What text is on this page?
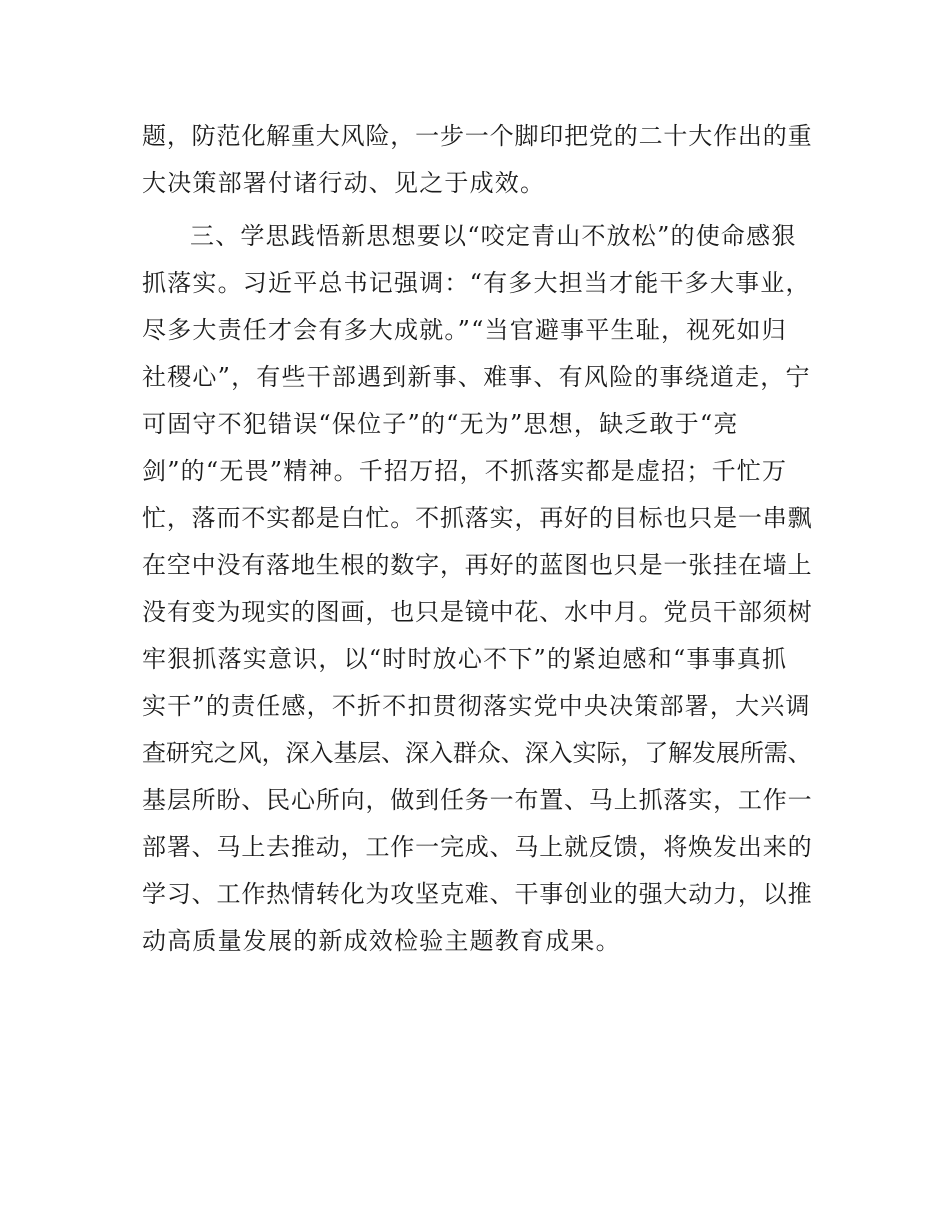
题，防范化解重大风险，一步一个脚印把党的二十大作出的重
大决策部署付诸行动、见之于成效。
三、学思践悟新思想要以“咬定青山不放松”的使命感狠
抓落实。习近平总书记强调：“有多大担当才能干多大事业，
尽多大责任才会有多大成就。”“当官避事平生耻，视死如归
社稷心”，有些干部遇到新事、难事、有风险的事绕道走，宁
可固守不犯错误“保位子”的“无为”思想，缺乏敢于“亮
剑”的“无畏”精神。千招万招，不抓落实都是虚招；千忙万
忙，落而不实都是白忙。不抓落实，再好的目标也只是一串飘
在空中没有落地生根的数字，再好的蓝图也只是一张挂在墙上
没有变为现实的图画，也只是镜中花、水中月。党员干部须树
牢狠抓落实意识，以“时时放心不下”的紧迫感和“事事真抓
实干”的责任感，不折不扣贯彻落实党中央决策部署，大兴调
查研究之风，深入基层、深入群众、深入实际，了解发展所需、
基层所盼、民心所向，做到任务一布置、马上抓落实，工作一
部署、马上去推动，工作一完成、马上就反馈，将焕发出来的
学习、工作热情转化为攻坚克难、干事创业的强大动力，以推
动高质量发展的新成效检验主题教育成果。
